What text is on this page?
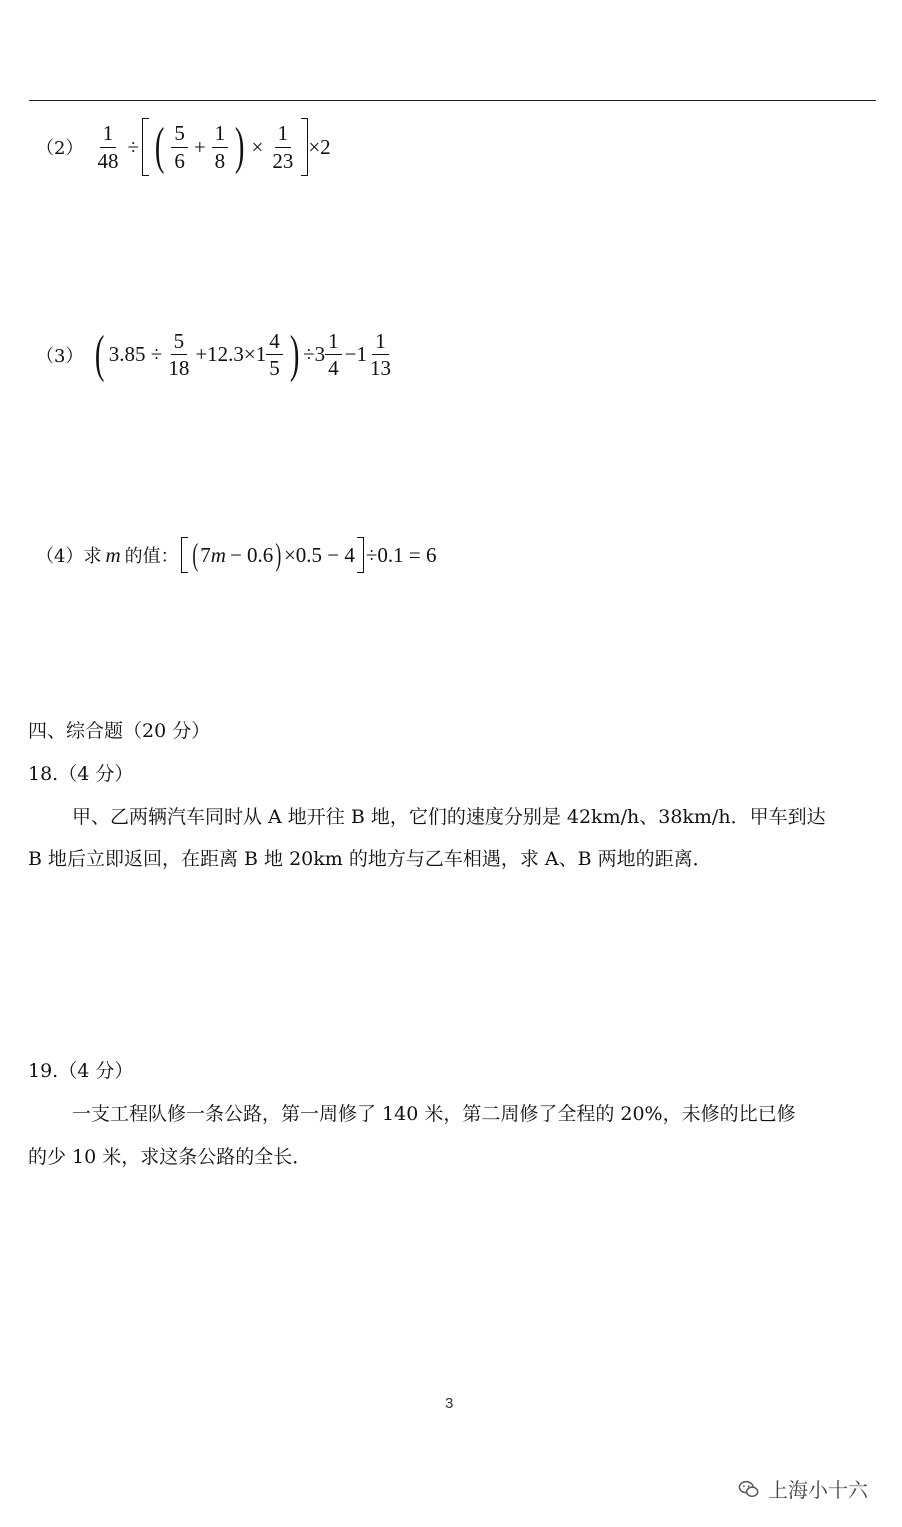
$(2) \frac{1}{48}$ ÷ ( $\frac{5}{6} + \frac{1}{8}$ ) × $\frac{1}{23} \times 2$
（3） ( $3.85 \div \frac{5}{18} +12.3\times 1 \frac{4}{5}$ ) $\div 3 \frac{1}{4} -1 \frac{1}{13}$
（4）求 m 的值： ( 7 m − 0.6 ) ×0.5 − 4 ÷0.1 = 6
四、综合题（20 分）
18.（4 分）
甲、乙两辆汽车同时从 A 地开往 B 地，它们的速度分别是 42km/h、38km/h．甲车到达
B 地后立即返回，在距离 B 地 20km 的地方与乙车相遇，求 A、B 两地的距离．
19.（4 分）
一支工程队修一条公路，第一周修了 140 米，第二周修了全程的 20%，未修的比已修
的少 10 米，求这条公路的全长．
3
上海小十六
